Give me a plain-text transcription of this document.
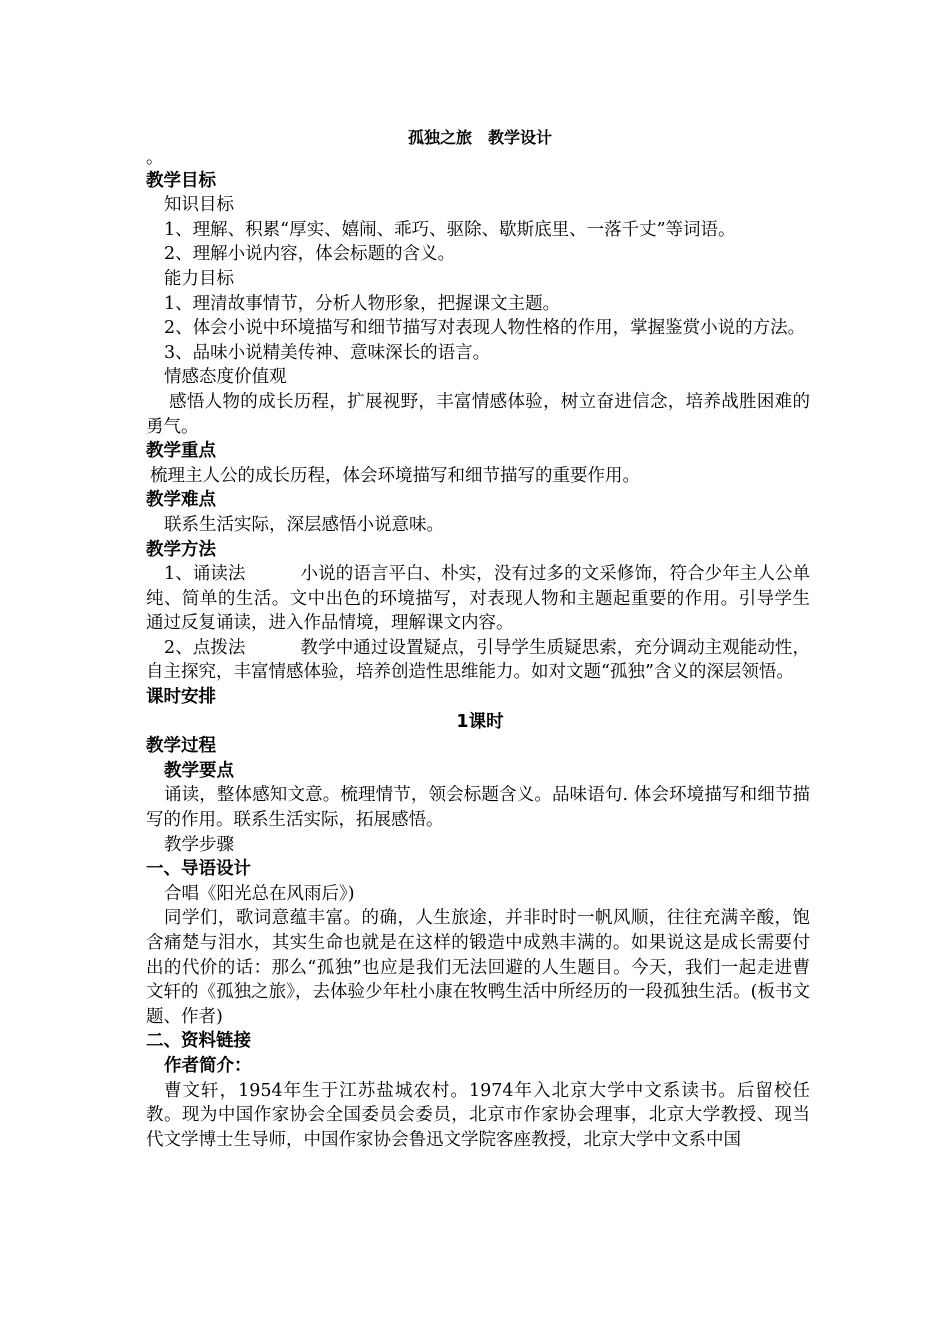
孤独之旅　教学设计
。
教学目标
知识目标
1、理解、积累“厚实、嬉闹、乖巧、驱除、歇斯底里、一落千丈”等词语。
2、理解小说内容，体会标题的含义。
能力目标
1、理清故事情节，分析人物形象，把握课文主题。
2、体会小说中环境描写和细节描写对表现人物性格的作用，掌握鉴赏小说的方法。
3、品味小说精美传神、意味深长的语言。
情感态度价值观
感悟人物的成长历程，扩展视野，丰富情感体验，树立奋进信念，培养战胜困难的勇气。
教学重点
梳理主人公的成长历程，体会环境描写和细节描写的重要作用。
教学难点
联系生活实际，深层感悟小说意味。
教学方法
1、诵读法	小说的语言平白、朴实，没有过多的文采修饰，符合少年主人公单纯、简单的生活。文中出色的环境描写，对表现人物和主题起重要的作用。引导学生通过反复诵读，进入作品情境，理解课文内容。
2、点拨法	教学中通过设置疑点，引导学生质疑思索，充分调动主观能动性，自主探究，丰富情感体验，培养创造性思维能力。如对文题“孤独”含义的深层领悟。
课时安排
1课时
教学过程
教学要点
诵读，整体感知文意。梳理情节，领会标题含义。品味语句. 体会环境描写和细节描写的作用。联系生活实际，拓展感悟。
教学步骤
一、导语设计
合唱《阳光总在风雨后》)
同学们，歌词意蕴丰富。的确，人生旅途，并非时时一帆风顺，往往充满辛酸，饱含痛楚与泪水，其实生命也就是在这样的锻造中成熟丰满的。如果说这是成长需要付出的代价的话：那么“孤独”也应是我们无法回避的人生题目。今天，我们一起走进曹文轩的《孤独之旅》，去体验少年杜小康在牧鸭生活中所经历的一段孤独生活。(板书文题、作者)
二、资料链接
作者简介：
曹文轩，1954年生于江苏盐城农村。1974年入北京大学中文系读书。后留校任教。现为中国作家协会全国委员会委员，北京市作家协会理事，北京大学教授、现当代文学博士生导师，中国作家协会鲁迅文学院客座教授，北京大学中文系中国
